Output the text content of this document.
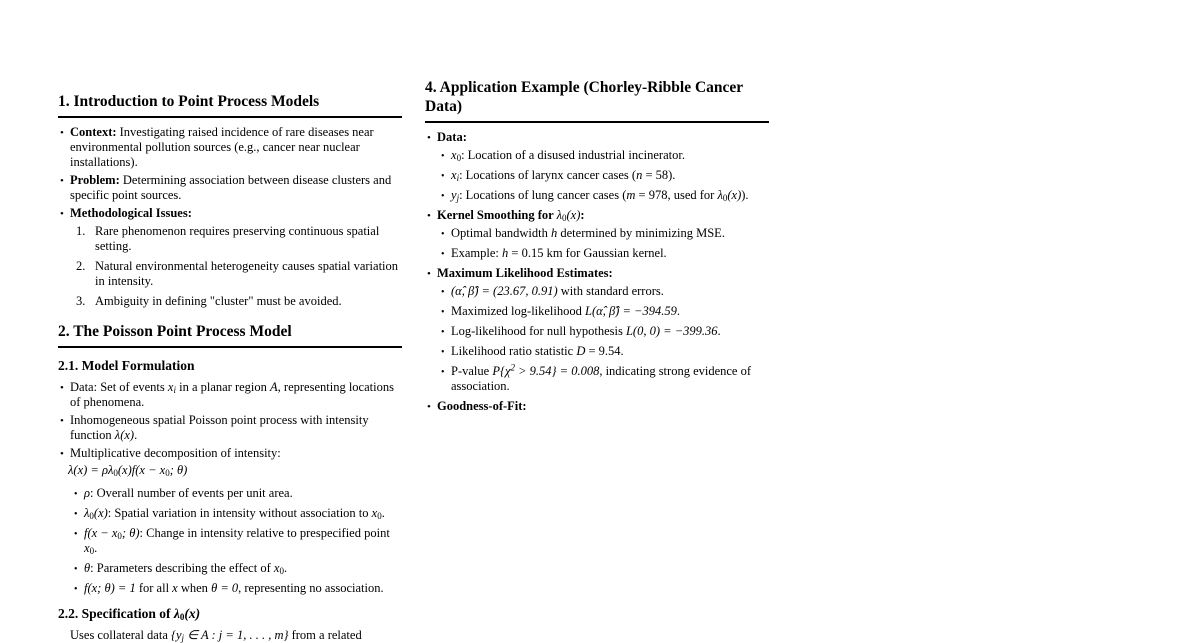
1. Introduction to Point Process Models
• Context: Investigating raised incidence of rare diseases near environmental pollution sources (e.g., cancer near nuclear installations).
• Problem: Determining association between disease clusters and specific point sources.
• Methodological Issues:
1. Rare phenomenon requires preserving continuous spatial setting.
2. Natural environmental heterogeneity causes spatial variation in intensity.
3. Ambiguity in defining "cluster" must be avoided.
2. The Poisson Point Process Model
2.1. Model Formulation
• Data: Set of events $x_i$ in a planar region A, representing locations of phenomena.
• Inhomogeneous spatial Poisson point process with intensity function λ(x).
• Multiplicative decomposition of intensity:
$\lambda(x) = \rho\lambda_0(x)f(x - x_0$; θ)
• ρ: Overall number of events per unit area.
• $\lambda_0(x)$: Spatial variation in intensity without association to $x_0$.
• $f(x - x_0$; θ): Change in intensity relative to prespecified point $x_0$.
• θ: Parameters describing the effect of $x_0$.
• f(x; θ) = 1 for all x when θ = 0, representing no association.
2.2. Specification of $\lambda_0(x)$
Uses collateral data {$y_j$ ∈ A : j = 1, . . . , m} from a related
4. Application Example (Chorley-Ribble Cancer Data)
• Data:
• $x_0$: Location of a disused industrial incinerator.
• $x_i$: Locations of larynx cancer cases (n = 58).
• $y_j$: Locations of lung cancer cases (m = 978, used for $\lambda_0(x)$).
• Kernel Smoothing for $\lambda_0(x)$:
• Optimal bandwidth h determined by minimizing MSE.
• Example: h = 0.15 km for Gaussian kernel.
• Maximum Likelihood Estimates:
• (α̂, β̂) = (23.67, 0.91) with standard errors.
• Maximized log-likelihood L(α̂, β̂) = −394.59.
• Log-likelihood for null hypothesis L(0, 0) = −399.36.
• Likelihood ratio statistic D = 9.54.
• P-value $P\{\chi^2 > 9.54\} = 0.008$, indicating strong evidence of association.
• Goodness-of-Fit:
